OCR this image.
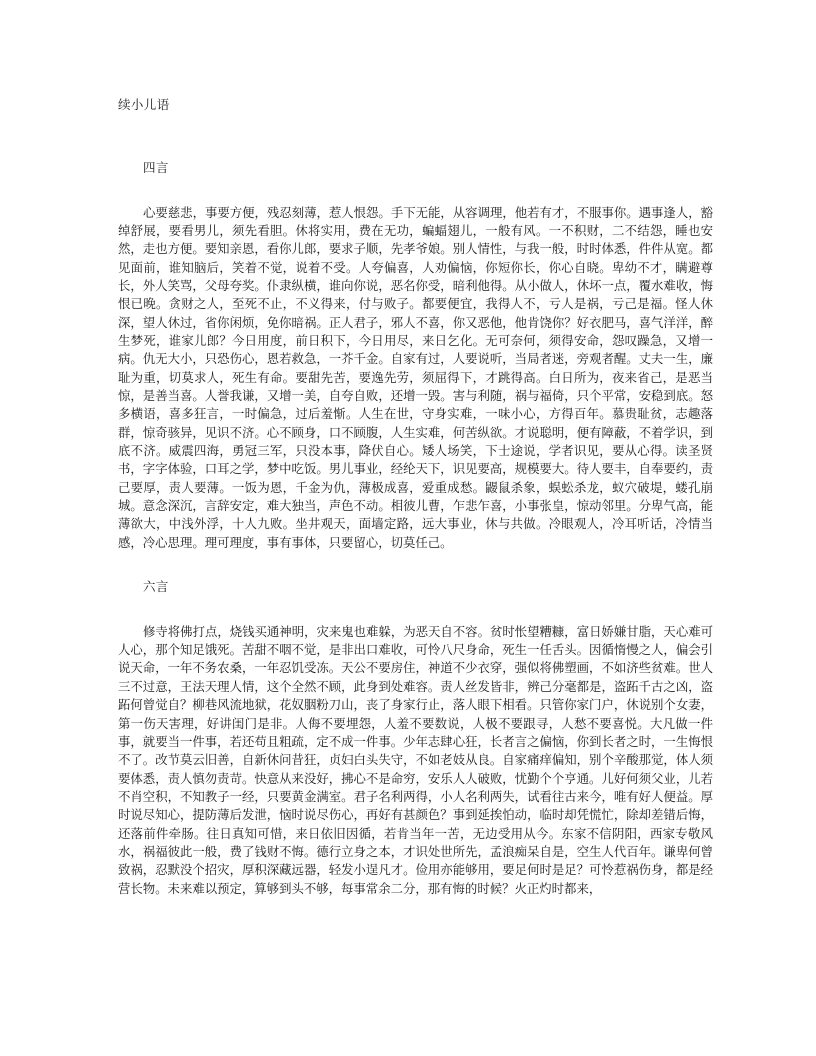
续小儿语
四言

心要慈悲，事要方便，残忍刻薄，惹人恨怨。手下无能，从容调理，他若有才，不服事你。遇事逢人，豁绰舒展，要看男儿，须先看胆。休将实用，费在无功，蝙蝠翅儿，一般有风。一不积财，二不结怨，睡也安然，走也方便。要知亲恩，看你儿郎，要求子顺，先孝爷娘。别人情性，与我一般，时时体悉，件件从宽。都见面前，谁知脑后，笑着不觉，说着不受。人夸偏喜，人劝偏恼，你短你长，你心自晓。卑幼不才，瞒避尊长，外人笑骂，父母夸奖。仆隶纵横，谁向你说，恶名你受，暗利他得。从小做人，休坏一点，覆水难收，悔恨已晚。贪财之人，至死不止，不义得来，付与败子。都要便宜，我得人不，亏人是祸，亏己是福。怪人休深，望人休过，省你闲烦，免你暗祸。正人君子，邪人不喜，你又恶他，他肯饶你？好衣肥马，喜气洋洋，醉生梦死，谁家儿郎？今日用度，前日积下，今日用尽，来日乞化。无可奈何，须得安命，怨叹躁急，又增一病。仇无大小，只恐伤心，恩若救急，一芥千金。自家有过，人要说听，当局者迷，旁观者醒。丈夫一生，廉耻为重，切莫求人，死生有命。要甜先苦，要逸先劳，须屈得下，才跳得高。白日所为，夜来省己，是恶当惊，是善当喜。人誉我谦，又增一美，自夸自败，还增一毁。害与利随，祸与福倚，只个平常，安稳到底。怒多横语，喜多狂言，一时偏急，过后羞惭。人生在世，守身实难，一味小心，方得百年。慕贵耻贫，志趣落群，惊奇骇异，见识不济。心不顾身，口不顾腹，人生实难，何苦纵欲。才说聪明，便有障蔽，不着学识，到底不济。威震四海，勇冠三军，只没本事，降伏自心。矮人场笑，下士途说，学者识见，要从心得。读圣贤书，字字体验，口耳之学，梦中吃饭。男儿事业，经纶天下，识见要高，规模要大。待人要丰，自奉要约，责己要厚，责人要薄。一饭为恩，千金为仇，薄极成喜，爱重成愁。鼹鼠杀象，蜈蚣杀龙，蚁穴破堤，蝼孔崩城。意念深沉，言辞安定，难大独当，声色不动。相彼儿曹，乍悲乍喜，小事张皇，惊动邻里。分卑气高，能薄欲大，中浅外浮，十人九败。坐井观天，面墙定路，远大事业，休与共做。冷眼观人，冷耳听话，冷情当感，冷心思理。理可理度，事有事体，只要留心，切莫任己。

六言

修寺将佛打点，烧钱买通神明，灾来鬼也难躲，为恶天自不容。贫时怅望糟糠，富日娇嫌甘脂，天心难可人心，那个知足饿死。苦甜不咽不觉，是非出口难收，可怜八尺身命，死生一任舌头。因循惰慢之人，偏会引说天命，一年不务农桑，一年忍饥受冻。天公不要房住，神道不少衣穿，强似将佛塑画，不如济些贫难。世人三不过意，王法天理人情，这个全然不顾，此身到处难容。责人丝发皆非，辨己分毫都是，盗跖千古之凶，盗跖何曾觉自？柳巷风流地狱，花奴胭粉刀山，丧了身家行止，落人眼下相看。只管你家门户，休说别个女妻，第一伤天害理，好讲闺门是非。人侮不要埋怨，人羞不要数说，人极不要跟寻，人愁不要喜悦。大凡做一件事，就要当一件事，若还苟且粗疏，定不成一件事。少年志肆心狂，长者言之偏恼，你到长者之时，一生悔恨不了。改节莫云旧善，自新休问昔狂，贞妇白头失守，不如老妓从良。自家痛痒偏知，别个辛酸那觉，体人须要体悉，责人慎勿责苛。快意从来没好，拂心不是命穷，安乐人人破败，忧勤个个亨通。儿好何须父业，儿若不肖空积，不知教子一经，只要黄金满室。君子名利两得，小人名利两失，试看往古来今，唯有好人便益。厚时说尽知心，提防薄后发泄，恼时说尽伤心，再好有甚颜色？事到延挨怕动，临时却凭慌忙，除却差错后悔，还落前件牵肠。往日真知可惜，来日依旧因循，若肯当年一苦，无边受用从今。东家不信阴阳，西家专敬风水，祸福彼此一般，费了钱财不悔。德行立身之本，才识处世所先，孟浪痴呆自是，空生人代百年。谦卑何曾致祸，忍默没个招灾，厚积深藏远器，轻发小逞凡才。俭用亦能够用，要足何时是足？可怜惹祸伤身，都是经营长物。未来难以预定，算够到头不够，每事常余二分，那有悔的时候？火正灼时都来，
